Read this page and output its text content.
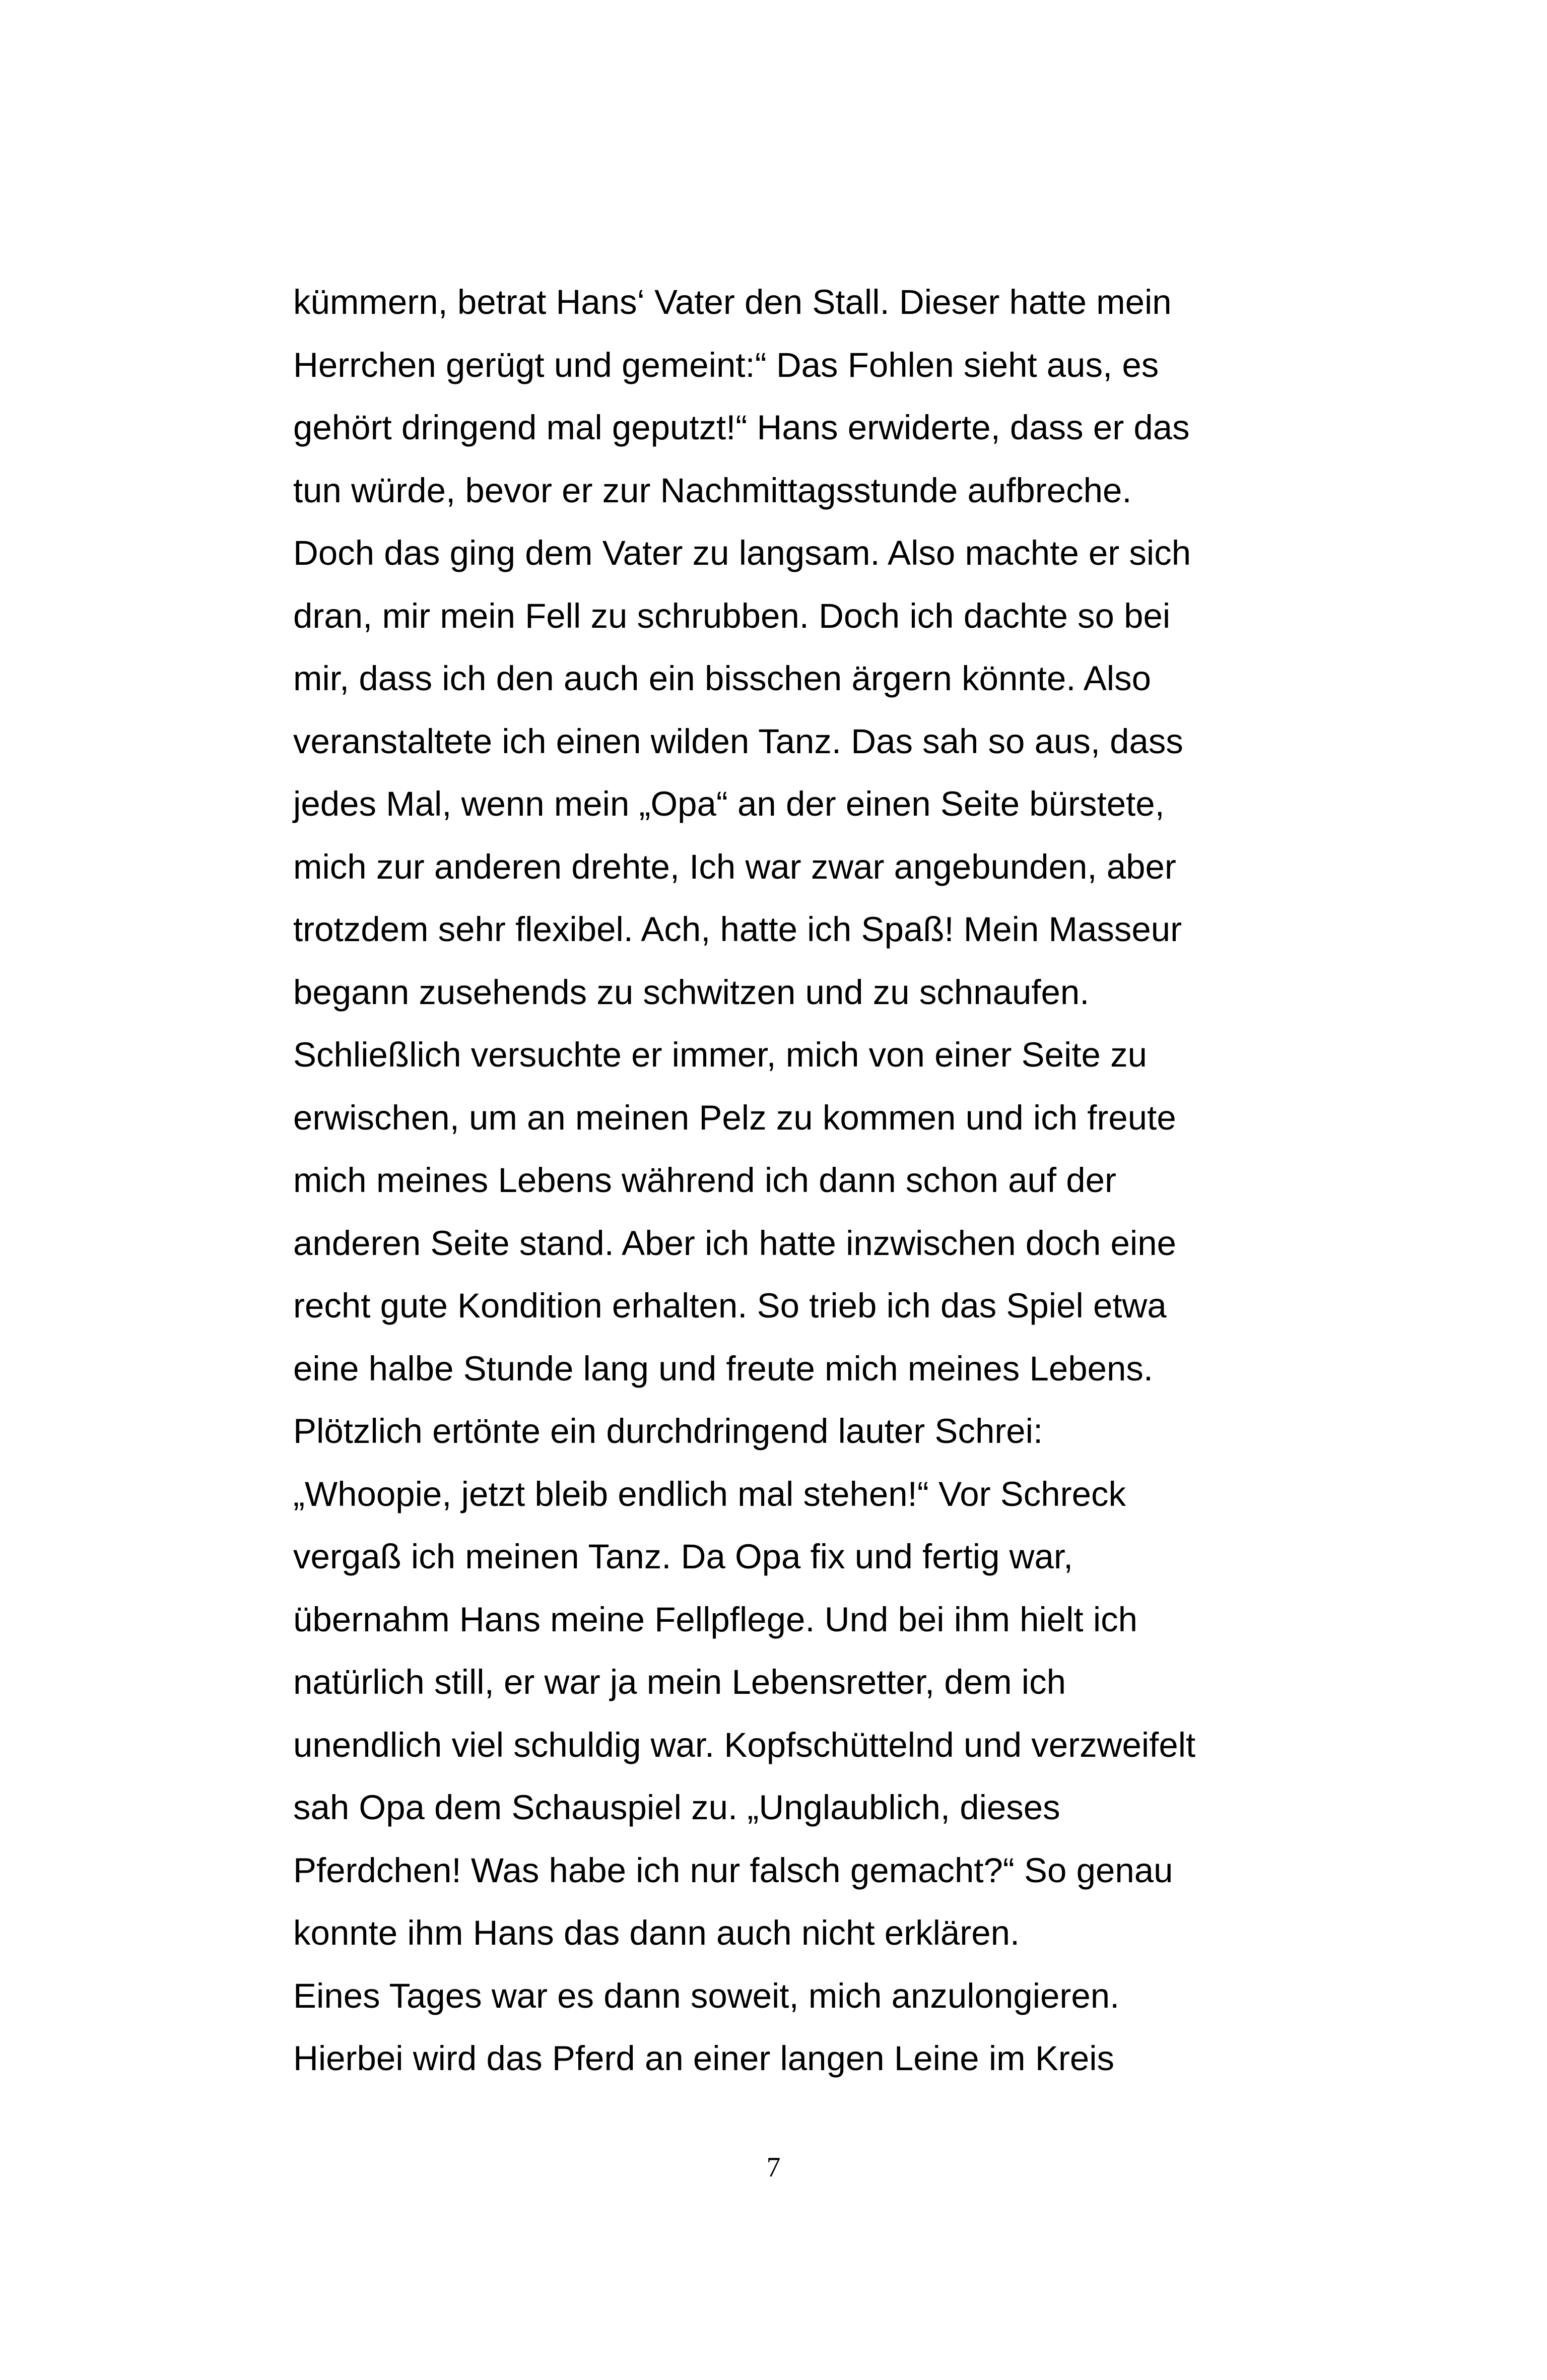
kümmern, betrat Hans‘ Vater den Stall. Dieser hatte mein
Herrchen gerügt und gemeint:“ Das Fohlen sieht aus, es
gehört dringend mal geputzt!“ Hans erwiderte, dass er das
tun würde, bevor er zur Nachmittagsstunde aufbreche.
Doch das ging dem Vater zu langsam. Also machte er sich
dran, mir mein Fell zu schrubben. Doch ich dachte so bei
mir, dass ich den auch ein bisschen ärgern könnte. Also
veranstaltete ich einen wilden Tanz. Das sah so aus, dass
jedes Mal, wenn mein „Opa“ an der einen Seite bürstete,
mich zur anderen drehte, Ich war zwar angebunden, aber
trotzdem sehr flexibel. Ach, hatte ich Spaß! Mein Masseur
begann zusehends zu schwitzen und zu schnaufen.
Schließlich versuchte er immer, mich von einer Seite zu
erwischen, um an meinen Pelz zu kommen und ich freute
mich meines Lebens während ich dann schon auf der
anderen Seite stand. Aber ich hatte inzwischen doch eine
recht gute Kondition erhalten. So trieb ich das Spiel etwa
eine halbe Stunde lang und freute mich meines Lebens.
Plötzlich ertönte ein durchdringend lauter Schrei:
„Whoopie, jetzt bleib endlich mal stehen!“ Vor Schreck
vergaß ich meinen Tanz. Da Opa fix und fertig war,
übernahm Hans meine Fellpflege. Und bei ihm hielt ich
natürlich still, er war ja mein Lebensretter, dem ich
unendlich viel schuldig war. Kopfschüttelnd und verzweifelt
sah Opa dem Schauspiel zu. „Unglaublich, dieses
Pferdchen! Was habe ich nur falsch gemacht?“ So genau
konnte ihm Hans das dann auch nicht erklären.
Eines Tages war es dann soweit, mich anzulongieren.
Hierbei wird das Pferd an einer langen Leine im Kreis
7
